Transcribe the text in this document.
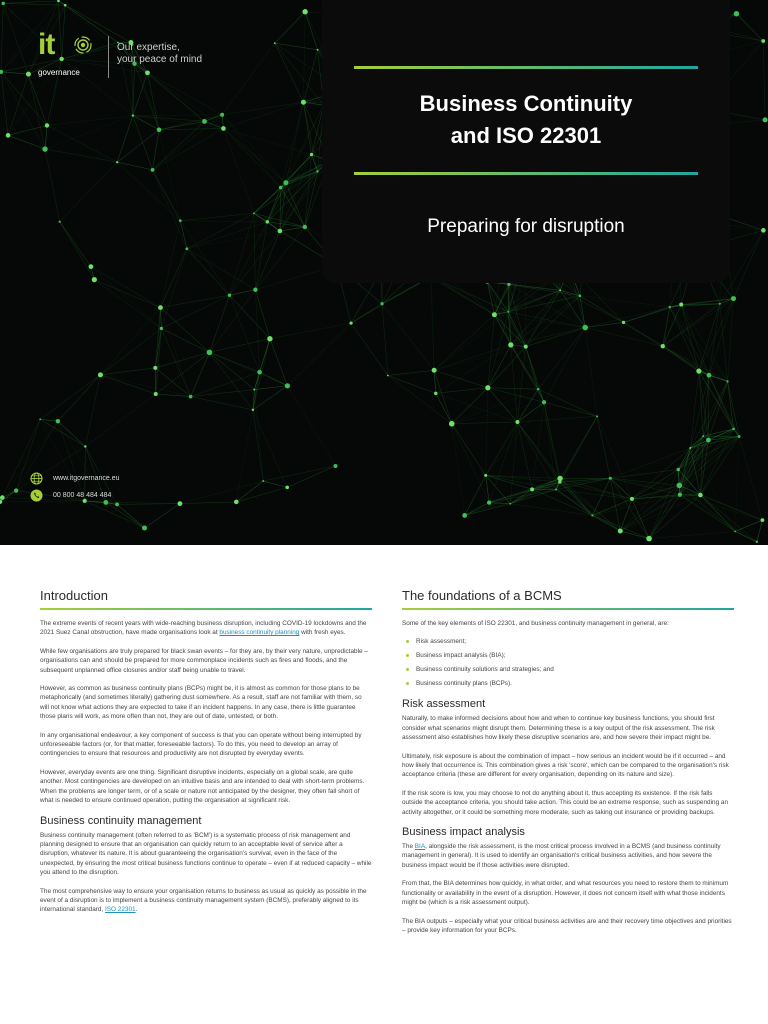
it
governance
Our expertise,
your peace of mind
Business Continuity
and ISO 22301
Preparing for disruption
www.itgovernance.eu
00 800 48 484 484
Introduction

The extreme events of recent years with wide-reaching business disruption, including COVID-19 lockdowns and the 2021 Suez Canal obstruction, have made organisations look at business continuity planning with fresh eyes.

While few organisations are truly prepared for black swan events – for they are, by their very nature, unpredictable – organisations can and should be prepared for more commonplace incidents such as fires and floods, and the subsequent unplanned office closures and/or staff being unable to travel.

However, as common as business continuity plans (BCPs) might be, it is almost as common for those plans to be metaphorically (and sometimes literally) gathering dust somewhere. As a result, staff are not familiar with them, so will not know what actions they are expected to take if an incident happens. In any case, there is little guarantee those plans will work, as more often than not, they are out of date, untested, or both.

In any organisational endeavour, a key component of success is that you can operate without being interrupted by unforeseeable factors (or, for that matter, foreseeable factors). To do this, you need to develop an array of contingencies to ensure that resources and productivity are not disrupted by everyday events.

However, everyday events are one thing. Significant disruptive incidents, especially on a global scale, are quite another. Most contingencies are developed on an intuitive basis and are intended to deal with short-term problems. When the problems are longer term, or of a scale or nature not anticipated by the designer, they often fall short of what is needed to ensure continued operation, putting the organisation at significant risk.

Business continuity management

Business continuity management (often referred to as 'BCM') is a systematic process of risk management and planning designed to ensure that an organisation can quickly return to an acceptable level of service after a disruption, whatever its nature. It is about guaranteeing the organisation's survival, even in the face of the unexpected, by ensuring the most critical business functions continue to operate – even if at reduced capacity – while you attend to the disruption.

The most comprehensive way to ensure your organisation returns to business as usual as quickly as possible in the event of a disruption is to implement a business continuity management system (BCMS), preferably aligned to its international standard, ISO 22301.

The foundations of a BCMS

Some of the key elements of ISO 22301, and business continuity management in general, are:

Risk assessment;
Business impact analysis (BIA);
Business continuity solutions and strategies; and
Business continuity plans (BCPs).
Risk assessment

Naturally, to make informed decisions about how and when to continue key business functions, you should first consider what scenarios might disrupt them. Determining these is a key output of the risk assessment. The risk assessment also establishes how likely these disruptive scenarios are, and how severe their impact might be.

Ultimately, risk exposure is about the combination of impact – how serious an incident would be if it occurred – and how likely that occurrence is. This combination gives a risk 'score', which can be compared to the organisation's risk acceptance criteria (these are different for every organisation, depending on its nature and size).

If the risk score is low, you may choose to not do anything about it, thus accepting its existence. If the risk falls outside the acceptance criteria, you should take action. This could be an extreme response, such as suspending an activity altogether, or it could be something more moderate, such as taking out insurance or providing backups.

Business impact analysis

The BIA, alongside the risk assessment, is the most critical process involved in a BCMS (and business continuity management in general). It is used to identify an organisation's critical business activities, and how severe the business impact would be if those activities were disrupted.

From that, the BIA determines how quickly, in what order, and what resources you need to restore them to minimum functionality or availability in the event of a disruption. However, it does not concern itself with what those incidents might be (which is a risk assessment output).

The BIA outputs – especially what your critical business activities are and their recovery time objectives and priorities – provide key information for your BCPs.
